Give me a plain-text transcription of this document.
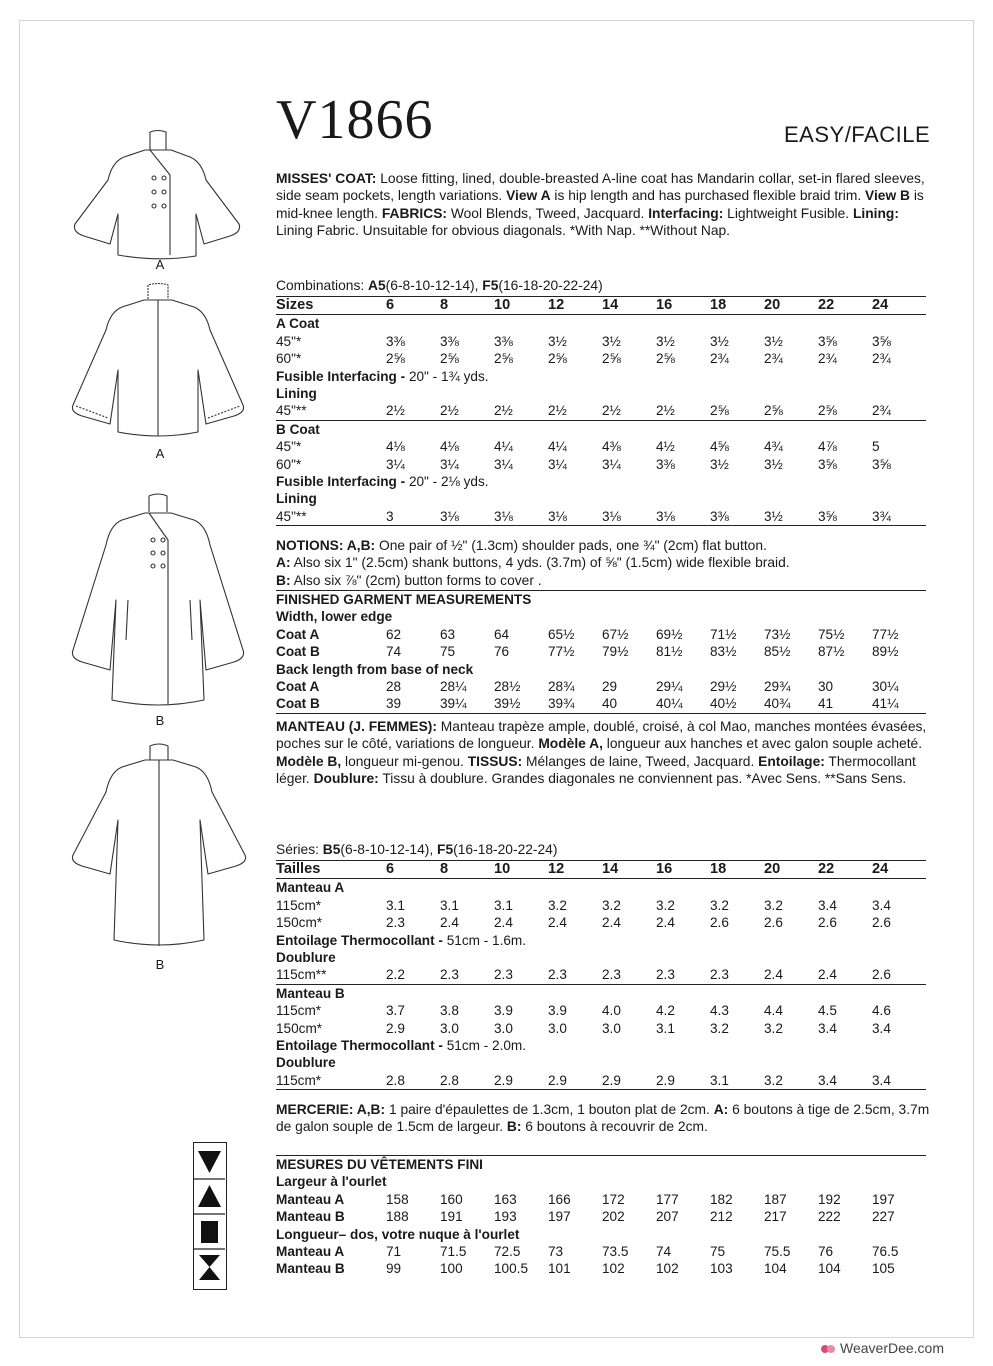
A
A
B
B
V1866	EASY/FACILE
MISSES' COAT: Loose fitting, lined, double-breasted A-line coat has Mandarin collar, set-in flared sleeves, side seam pockets, length variations. View A is hip length and has purchased flexible braid trim. View B is mid-knee length. FABRICS: Wool Blends, Tweed, Jacquard. Interfacing: Lightweight Fusible. Lining: Lining Fabric. Unsuitable for obvious diagonals. *With Nap. **Without Nap.
Combinations: A5(6-8-10-12-14), F5(16-18-20-22-24)
Sizes	6	8	10	12	14	16	18	20	22	24
A Coat										
45"*	3⅜	3⅜	3⅜	3½	3½	3½	3½	3½	3⅝	3⅝
60"*	2⅝	2⅝	2⅝	2⅝	2⅝	2⅝	2¾	2¾	2¾	2¾
Fusible Interfacing - 20" - 1¾ yds.										
Lining										
45"**	2½	2½	2½	2½	2½	2½	2⅝	2⅝	2⅝	2¾
B Coat										
45"*	4⅛	4⅛	4¼	4¼	4⅜	4½	4⅝	4¾	4⅞	5
60"*	3¼	3¼	3¼	3¼	3¼	3⅜	3½	3½	3⅝	3⅝
Fusible Interfacing - 20" - 2⅛ yds.										
Lining										
45"**	3	3⅛	3⅛	3⅛	3⅛	3⅛	3⅜	3½	3⅝	3¾
NOTIONS: A,B: One pair of ½" (1.3cm) shoulder pads, one ¾" (2cm) flat button.
A: Also six 1" (2.5cm) shank buttons, 4 yds. (3.7m) of ⅝" (1.5cm) wide flexible braid.
B: Also six ⅞" (2cm) button forms to cover .
FINISHED GARMENT MEASUREMENTS										
Width, lower edge										
Coat A	62	63	64	65½	67½	69½	71½	73½	75½	77½
Coat B	74	75	76	77½	79½	81½	83½	85½	87½	89½
Back length from base of neck										
Coat A	28	28¼	28½	28¾	29	29¼	29½	29¾	30	30¼
Coat B	39	39¼	39½	39¾	40	40¼	40½	40¾	41	41¼
MANTEAU (J. FEMMES): Manteau trapèze ample, doublé, croisé, à col Mao, manches montées évasées, poches sur le côté, variations de longueur. Modèle A, longueur aux hanches et avec galon souple acheté. Modèle B, longueur mi-genou. TISSUS: Mélanges de laine, Tweed, Jacquard. Entoilage: Thermocollant léger. Doublure: Tissu à doublure. Grandes diagonales ne conviennent pas. *Avec Sens. **Sans Sens.
Séries: B5(6-8-10-12-14), F5(16-18-20-22-24)
Tailles	6	8	10	12	14	16	18	20	22	24
Manteau A										
115cm*	3.1	3.1	3.1	3.2	3.2	3.2	3.2	3.2	3.4	3.4
150cm*	2.3	2.4	2.4	2.4	2.4	2.4	2.6	2.6	2.6	2.6
Entoilage Thermocollant - 51cm - 1.6m.										
Doublure										
115cm**	2.2	2.3	2.3	2.3	2.3	2.3	2.3	2.4	2.4	2.6
Manteau B										
115cm*	3.7	3.8	3.9	3.9	4.0	4.2	4.3	4.4	4.5	4.6
150cm*	2.9	3.0	3.0	3.0	3.0	3.1	3.2	3.2	3.4	3.4
Entoilage Thermocollant - 51cm - 2.0m.										
Doublure										
115cm*	2.8	2.8	2.9	2.9	2.9	2.9	3.1	3.2	3.4	3.4
MERCERIE: A,B: 1 paire d'épaulettes de 1.3cm, 1 bouton plat de 2cm. A: 6 boutons à tige de 2.5cm, 3.7m de galon souple de 1.5cm de largeur. B: 6 boutons à recouvrir de 2cm.
MESURES DU VÊTEMENTS FINI										
Largeur à l'ourlet										
Manteau A	158	160	163	166	172	177	182	187	192	197
Manteau B	188	191	193	197	202	207	212	217	222	227
Longueur– dos, votre nuque à l'ourlet										
Manteau A	71	71.5	72.5	73	73.5	74	75	75.5	76	76.5
Manteau B	99	100	100.5	101	102	102	103	104	104	105
WeaverDee.com
